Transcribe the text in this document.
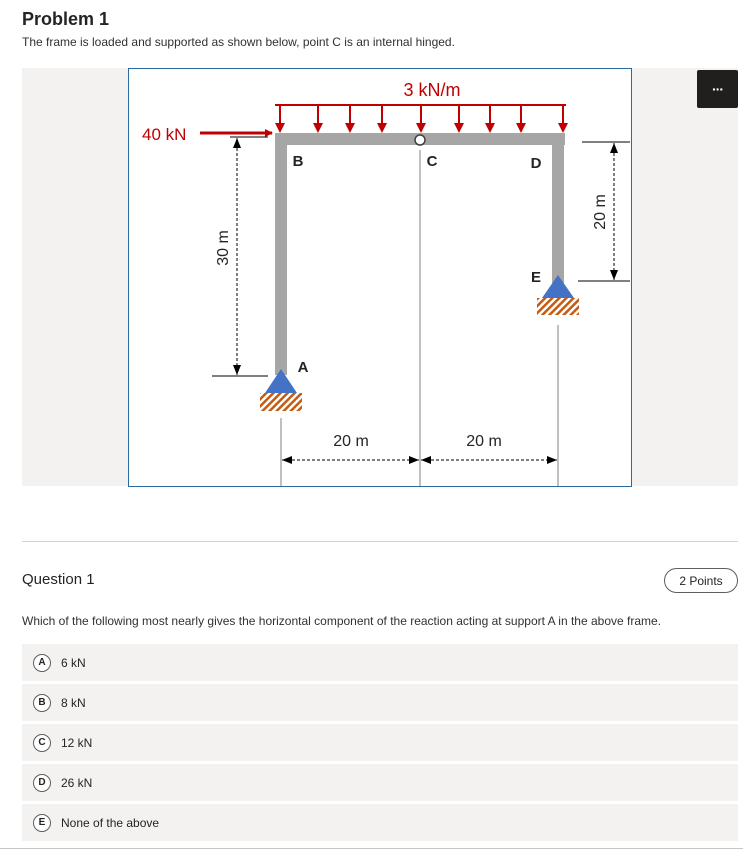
Problem 1
The frame is loaded and supported as shown below, point C is an internal hinged.
3 kN/m
40 kN
B	C	D
E
A
30 m
20 m
20 m	20 m
···
Question 1	2 Points
Which of the following most nearly gives the horizontal component of the reaction acting at support A in the above frame.
A	6 kN
B	8 kN
C	12 kN
D	26 kN
E	None of the above
